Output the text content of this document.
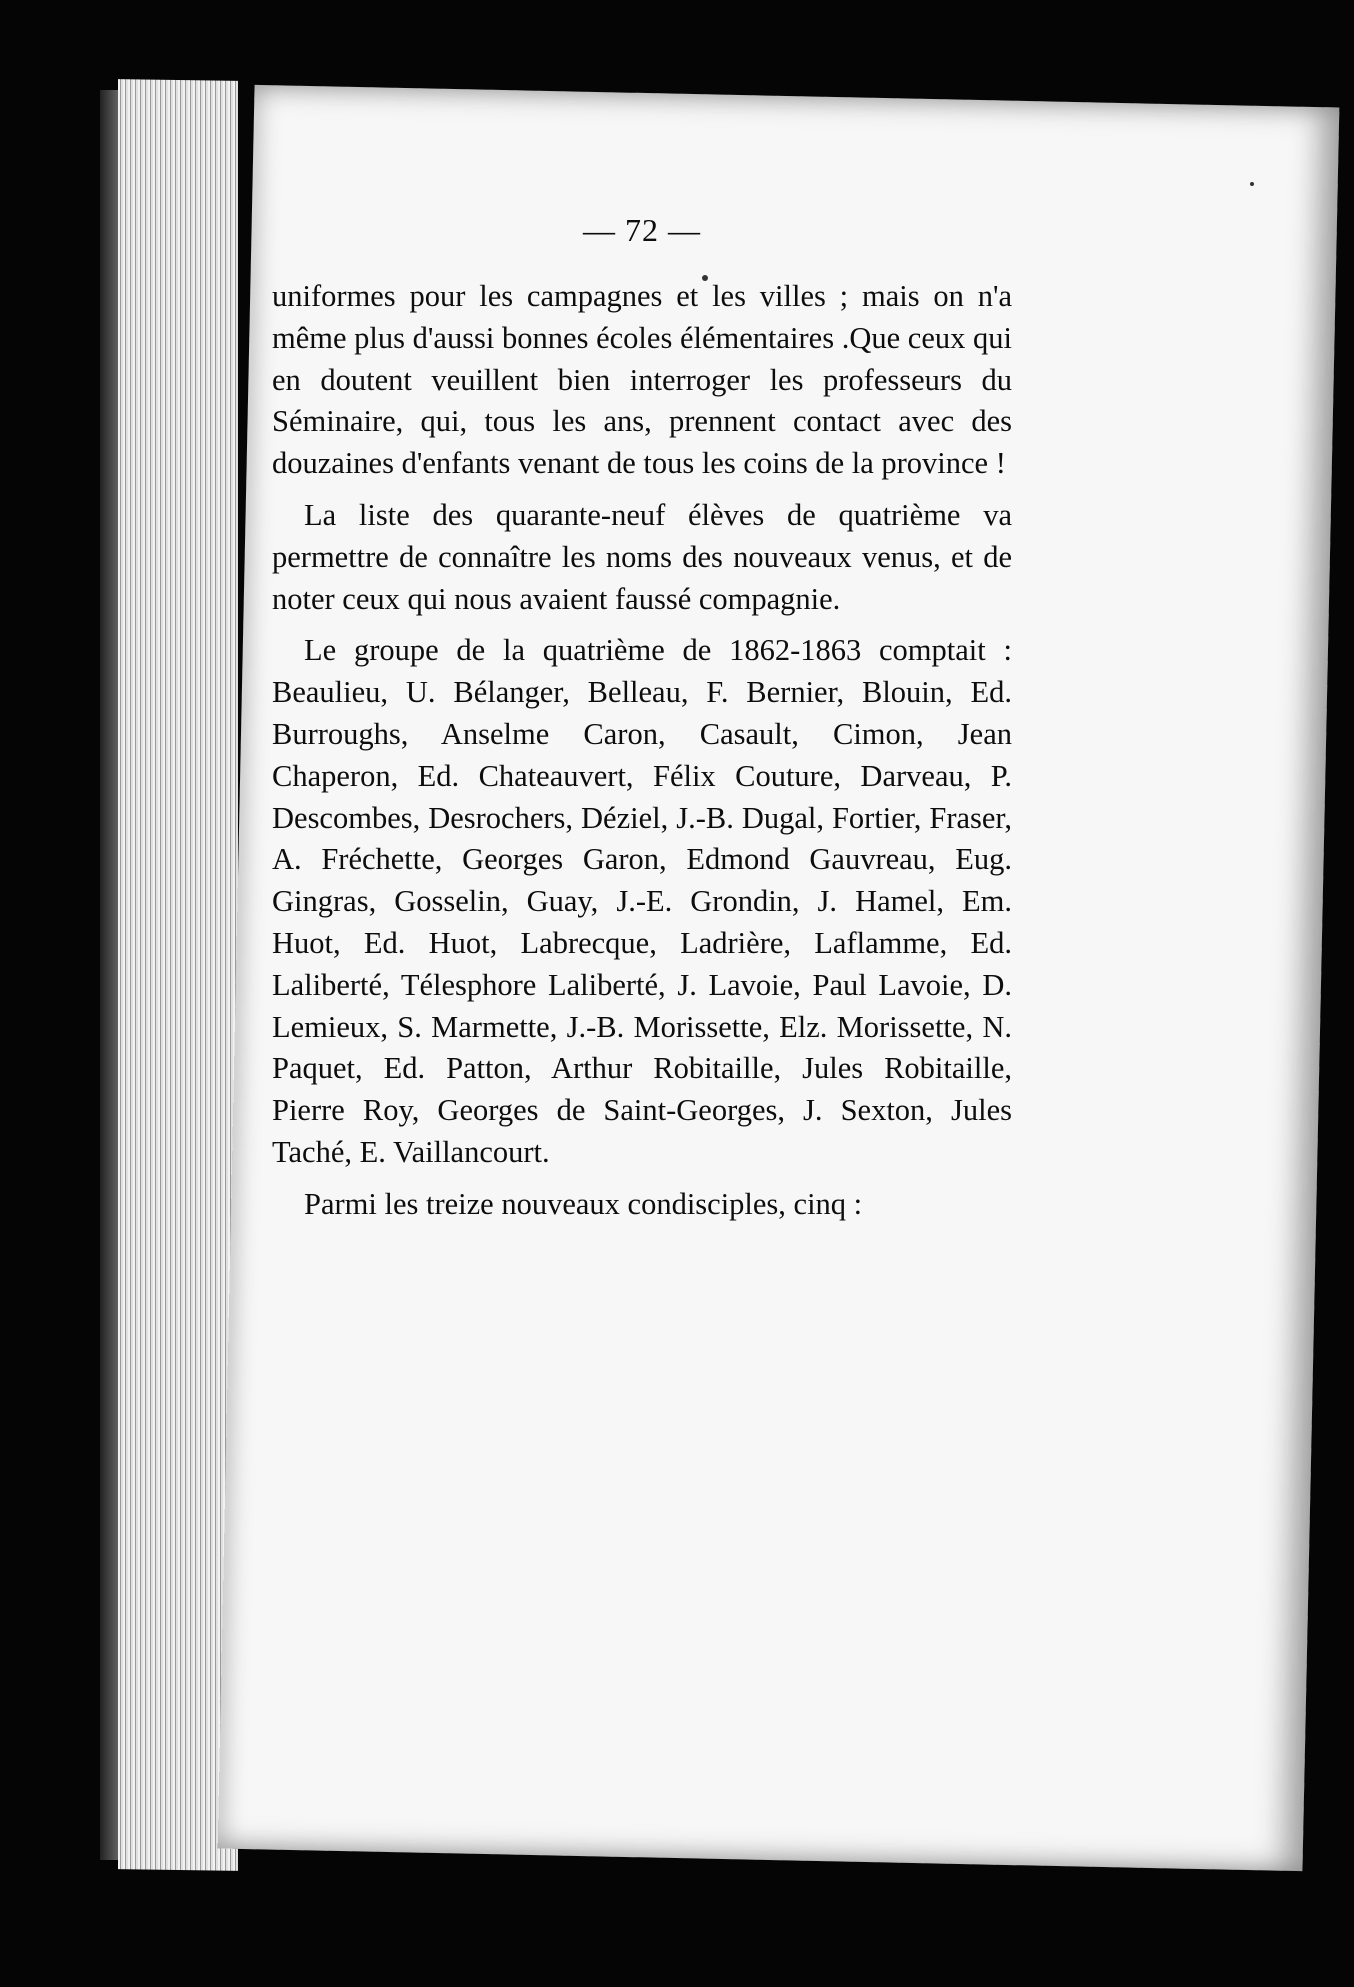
— 72 —

uniformes pour les campagnes et les villes ; mais on n'a même plus d'aussi bonnes écoles élémentaires .Que ceux qui en doutent veuillent bien interroger les professeurs du Séminaire, qui, tous les ans, prennent contact avec des douzaines d'enfants venant de tous les coins de la province !

La liste des quarante-neuf élèves de quatrième va permettre de connaître les noms des nouveaux venus, et de noter ceux qui nous avaient faussé compagnie.

Le groupe de la quatrième de 1862-1863 comptait : Beaulieu, U. Bélanger, Belleau, F. Bernier, Blouin, Ed. Burroughs, Anselme Caron, Casault, Cimon, Jean Chaperon, Ed. Chateauvert, Félix Couture, Darveau, P. Descombes, Desrochers, Déziel, J.-B. Dugal, Fortier, Fraser, A. Fréchette, Georges Garon, Edmond Gauvreau, Eug. Gingras, Gosselin, Guay, J.-E. Grondin, J. Hamel, Em. Huot, Ed. Huot, Labrecque, Ladrière, Laflamme, Ed. Laliberté, Télesphore Laliberté, J. Lavoie, Paul Lavoie, D. Lemieux, S. Marmette, J.-B. Morissette, Elz. Morissette, N. Paquet, Ed. Patton, Arthur Robitaille, Jules Robitaille, Pierre Roy, Georges de Saint-Georges, J. Sexton, Jules Taché, E. Vaillancourt.

Parmi les treize nouveaux condisciples, cinq :
